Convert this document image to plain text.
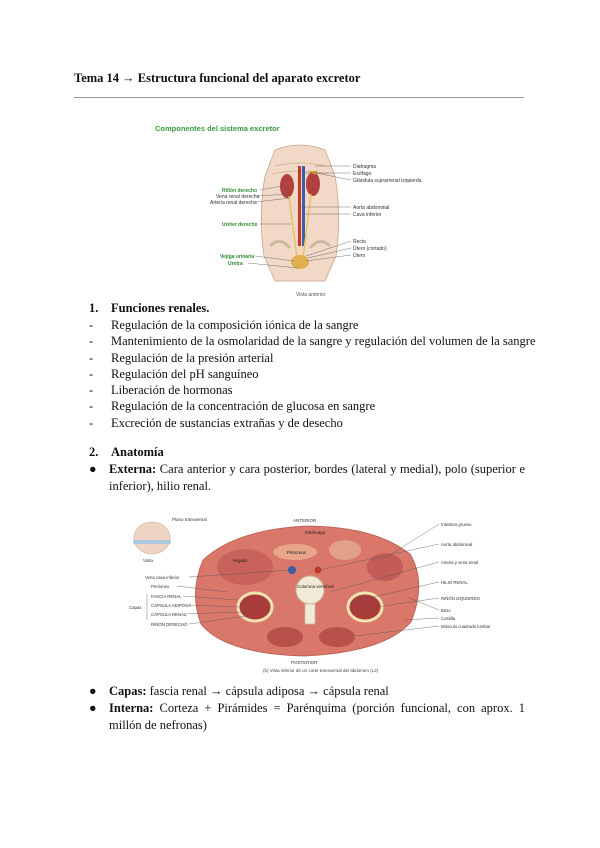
Tema 14 → Estructura funcional del aparato excretor
Componentes del sistema excretor
Riñón derecho
Vena renal derecha
Arteria renal derecha
Uréter derecho
Vejiga urinaria
Uretra
Diafragma
Esófago
Glándula suprarrenal izquierda
Aorta abdominal
Cava inferior
Recto
Útero (cortado)
Útero
Vista anterior
1. Funciones renales.
- Regulación de la composición iónica de la sangre
- Mantenimiento de la osmolaridad de la sangre y regulación del volumen de la sangre
- Regulación de la presión arterial
- Regulación del pH sanguíneo
- Liberación de hormonas
- Regulación de la concentración de glucosa en sangre
- Excreción de sustancias extrañas y de desecho
2. Anatomía
● Externa: Cara anterior y cara posterior, bordes (lateral y medial), polo (superior e inferior), hilio renal.
Plano transversal
Vista
ANTERIOR
POSTERIOR
Estómago
Páncreas
Hígado
Columna vertebral
Vena cava inferior
Peritoneo
FASCIA RENAL
CÁPSULA ADIPOSA
CÁPSULA RENAL
RIÑÓN DERECHO
Capas
Intestino grueso
Aorta abdominal
Arteria y vena renal
HILIO RENAL
RIÑÓN IZQUIERDO
Bazo
Costilla
Músculo cuadrado lumbar
(b) Vista inferior de un corte transversal del abdomen (L2)
● Capas: fascia renal → cápsula adiposa → cápsula renal
● Interna: Corteza + Pirámides = Parénquima (porción funcional, con aprox. 1 millón de nefronas)
